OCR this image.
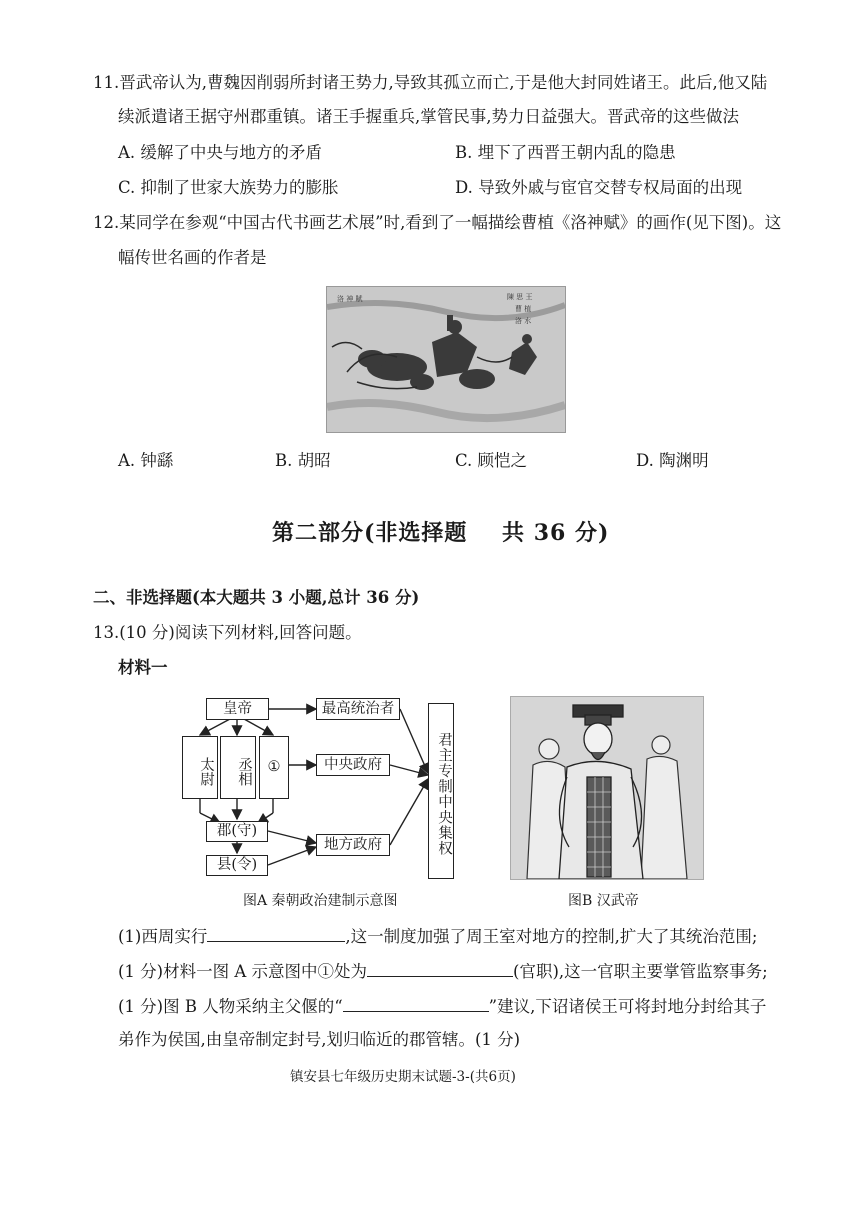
11.晋武帝认为,曹魏因削弱所封诸王势力,导致其孤立而亡,于是他大封同姓诸王。此后,他又陆
续派遣诸王据守州郡重镇。诸王手握重兵,掌管民事,势力日益强大。晋武帝的这些做法
A. 缓解了中央与地方的矛盾	B. 埋下了西晋王朝内乱的隐患
C. 抑制了世家大族势力的膨胀	D. 导致外戚与宦官交替专权局面的出现
12.某同学在参观“中国古代书画艺术展”时,看到了一幅描绘曹植《洛神赋》的画作(见下图)。这
幅传世名画的作者是
洛 神 賦	陳 思 王
曹 植
洛 水
A. 钟繇	B. 胡昭	C. 顾恺之	D. 陶渊明
第二部分(非选择题    共 36 分)
二、非选择题(本大题共 3 小题,总计 36 分)
13.(10 分)阅读下列材料,回答问题。
材料一
皇帝
太尉	丞相	①
郡(守)
县(令)
最高统治者
中央政府
地方政府	君主专制中央集权
图A 秦朝政治建制示意图	图B 汉武帝
(1)西周实行	,这一制度加强了周王室对地方的控制,扩大了其统治范围;
(1 分)材料一图 A 示意图中①处为	(官职),这一官职主要掌管监察事务;
(1 分)图 B 人物采纳主父偃的“	”建议,下诏诸侯王可将封地分封给其子
弟作为侯国,由皇帝制定封号,划归临近的郡管辖。(1 分)
镇安县七年级历史期末试题-3-(共6页)
